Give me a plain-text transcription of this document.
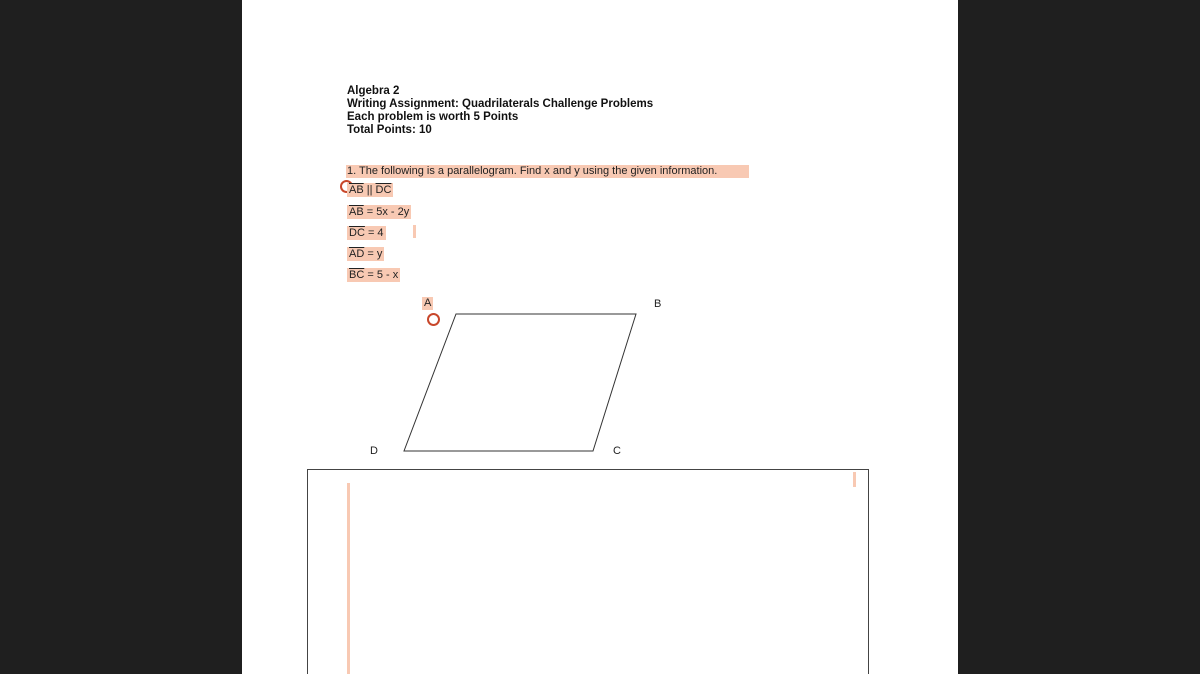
Algebra 2
Writing Assignment: Quadrilaterals Challenge Problems
Each problem is worth 5 Points
Total Points: 10
1. The following is a parallelogram. Find x and y using the given information.
$\overline{AB}$ || $\overline{DC}$
$\overline{AB} = 5x - 2y$
$\overline{DC} = 4$
$\overline{AD} = y$
$\overline{BC} = 5 - x$
A	B
C
D
